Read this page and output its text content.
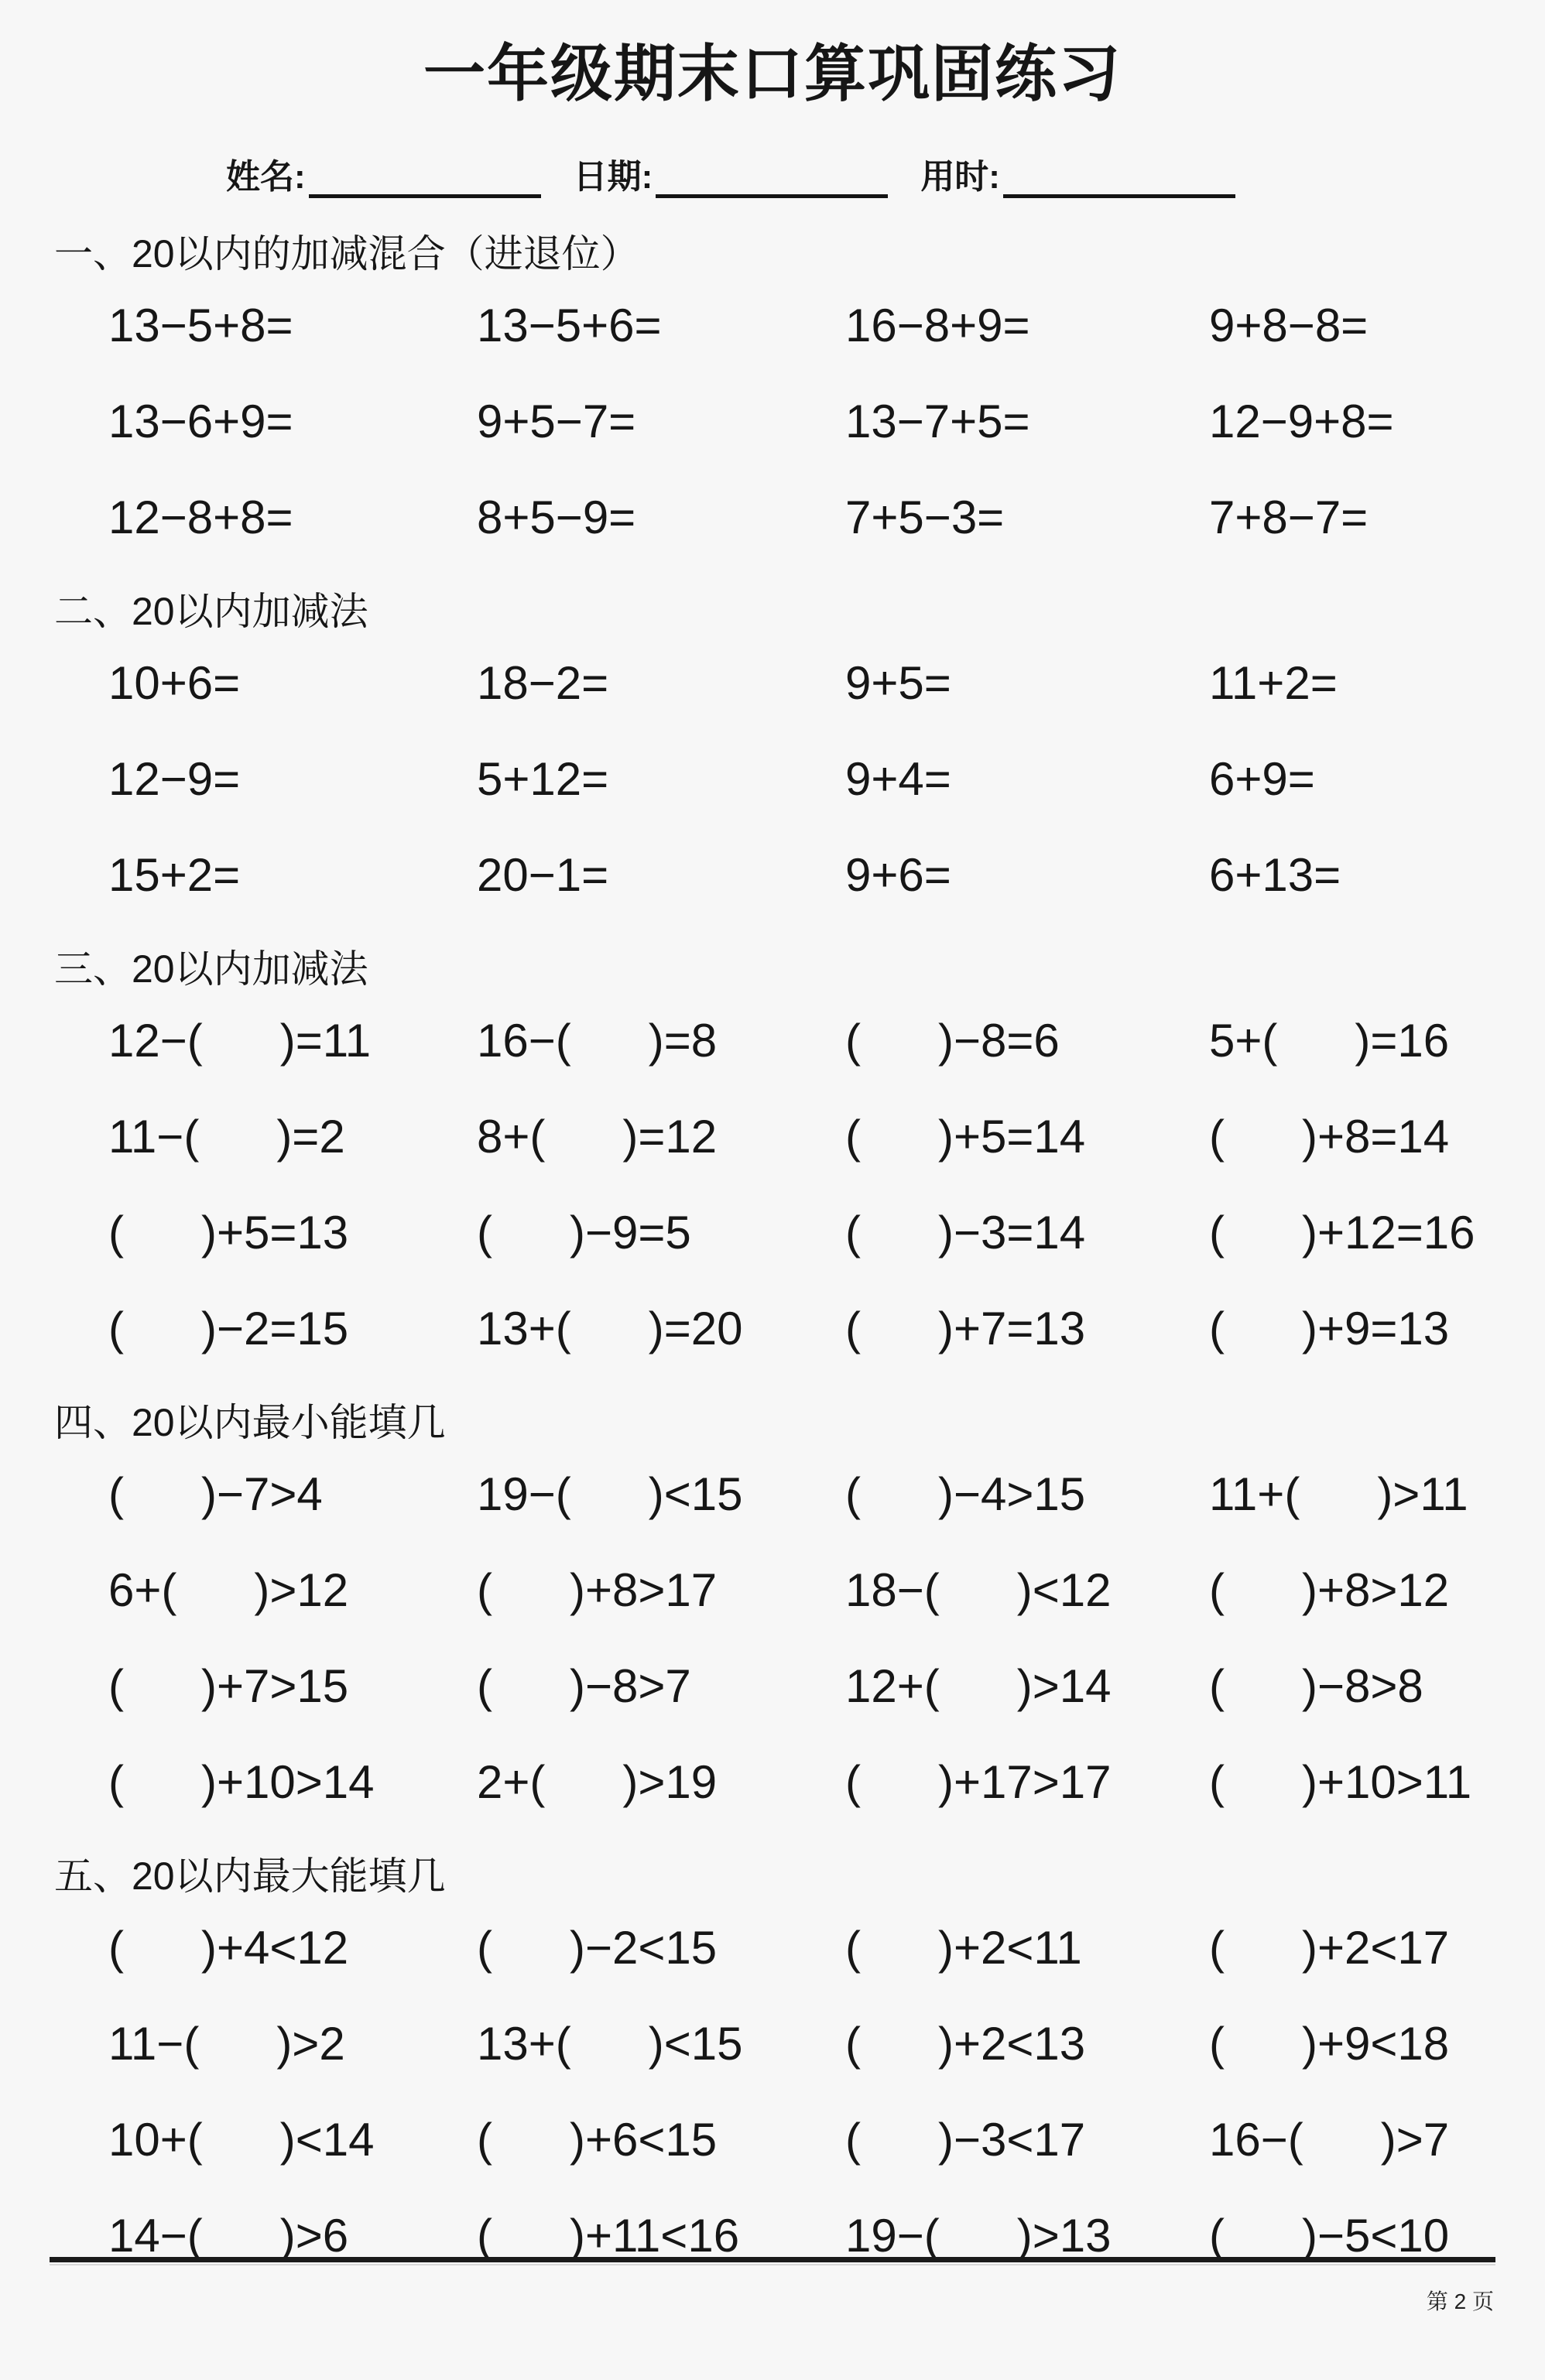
一年级期末口算巩固练习
姓名:	日期:	用时:
一、20以内的加减混合（进退位）
13−5+8=	13−5+6=	16−8+9=	9+8−8=
13−6+9=	9+5−7=	13−7+5=	12−9+8=
12−8+8=	8+5−9=	7+5−3=	7+8−7=
二、20以内加减法
10+6=	18−2=	9+5=	11+2=
12−9=	5+12=	9+4=	6+9=
15+2=	20−1=	9+6=	6+13=
三、20以内加减法
12−(      )=11	16−(      )=8	(      )−8=6	5+(      )=16
11−(      )=2	8+(      )=12	(      )+5=14	(      )+8=14
(      )+5=13	(      )−9=5	(      )−3=14	(      )+12=16
(      )−2=15	13+(      )=20	(      )+7=13	(      )+9=13
四、20以内最小能填几
(      )−7>4	19−(      )<15	(      )−4>15	11+(      )>11
6+(      )>12	(      )+8>17	18−(      )<12	(      )+8>12
(      )+7>15	(      )−8>7	12+(      )>14	(      )−8>8
(      )+10>14	2+(      )>19	(      )+17>17	(      )+10>11
五、20以内最大能填几
(      )+4<12	(      )−2<15	(      )+2<11	(      )+2<17
11−(      )>2	13+(      )<15	(      )+2<13	(      )+9<18
10+(      )<14	(      )+6<15	(      )−3<17	16−(      )>7
14−(      )>6	(      )+11<16	19−(      )>13	(      )−5<10
第 2 页
